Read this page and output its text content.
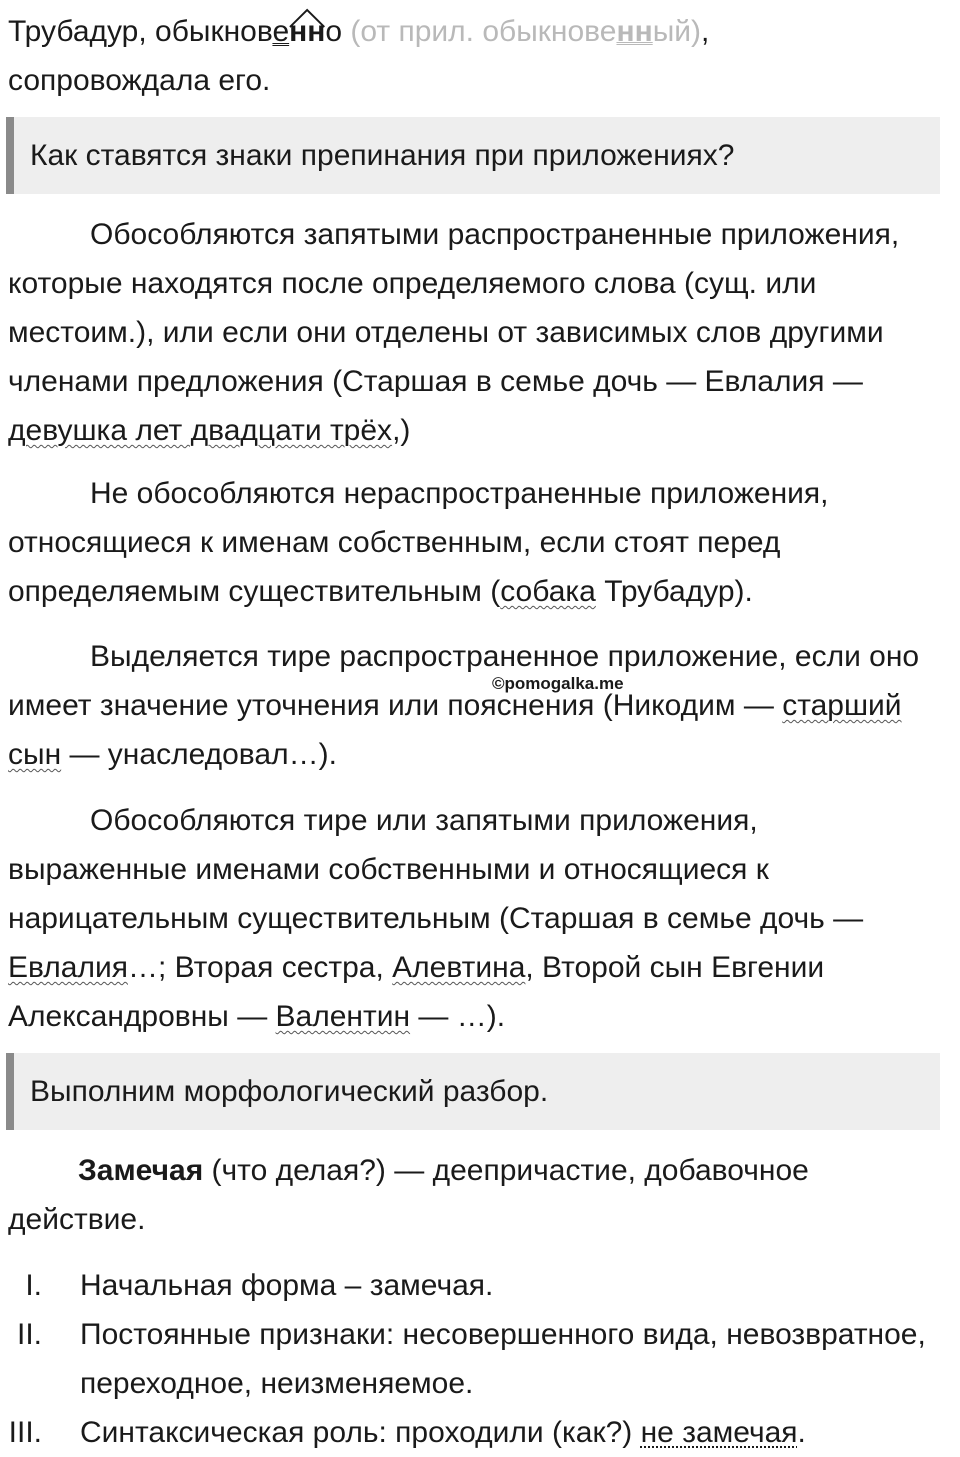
Трубадур, обыкнове
нно (от прил. обыкновенный),
сопровождала его.

Как ставятся знаки препинания при приложениях?

Обособляются запятыми распространенные приложения, которые находятся после определяемого слова (сущ. или местоим.), или если они отделены от зависимых слов другими членами предложения (Старшая в семье дочь — Евлалия — девушка лет двадцати трёх,)

Не обособляются нераспространенные приложения, относящиеся к именам собственным, если стоят перед определяемым существительным (собака Трубадур).

Выделяется тире распространенное приложение, если оно имеет значение уточнения или пояснения (Никодим — старший сын — унаследовал…).

©pomogalka.me

Обособляются тире или запятыми приложения, выраженные именами собственными и относящиеся к нарицательным существительным (Старшая в семье дочь — Евлалия…; Вторая сестра, Алевтина, Второй сын Евгении Александровны — Валентин — …).

Выполним морфологический разбор.

Замечая (что делая?) — деепричастие, добавочное действие.

I. Начальная форма – замечая.
II. Постоянные признаки: несовершенного вида, невозвратное, переходное, неизменяемое.
III. Синтаксическая роль: проходили (как?) не замечая.
